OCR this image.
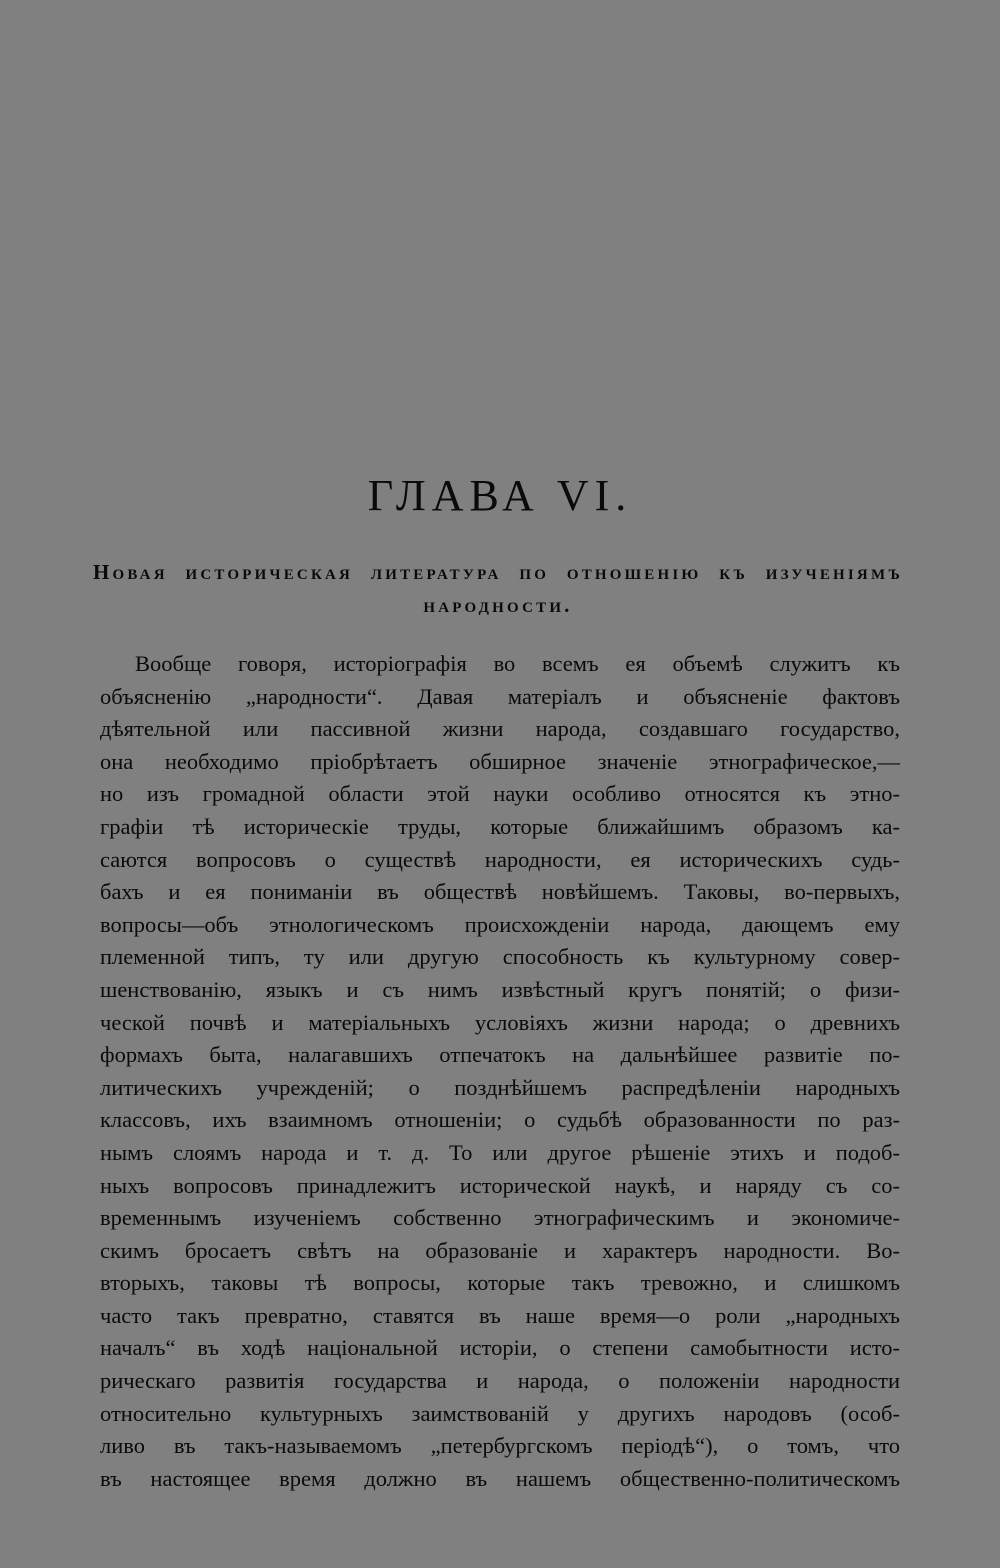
ГЛАВА VI.

Новая историческая литература по отношенію къ изученіямъ народности.

Вообще говоря, исторіографія во всемъ ея объемѣ служитъ къ
объясненію „народности“. Давая матеріалъ и объясненіе фактовъ
дѣятельной или пассивной жизни народа, создавшаго государство,
она необходимо пріобрѣтаетъ обширное значеніе этнографическое,—
но изъ громадной области этой науки особливо относятся къ этно-
графіи тѣ историческіе труды, которые ближайшимъ образомъ ка-
саются вопросовъ о существѣ народности, ея историческихъ судь-
бахъ и ея пониманіи въ обществѣ новѣйшемъ. Таковы, во-первыхъ,
вопросы—объ этнологическомъ происхожденіи народа, дающемъ ему
племенной типъ, ту или другую способность къ культурному совер-
шенствованію, языкъ и съ нимъ извѣстный кругъ понятій; о физи-
ческой почвѣ и матеріальныхъ условіяхъ жизни народа; о древнихъ
формахъ быта, налагавшихъ отпечатокъ на дальнѣйшее развитіе по-
литическихъ учрежденій; о позднѣйшемъ распредѣленіи народныхъ
классовъ, ихъ взаимномъ отношеніи; о судьбѣ образованности по раз-
нымъ слоямъ народа и т. д. То или другое рѣшеніе этихъ и подоб-
ныхъ вопросовъ принадлежитъ исторической наукѣ, и наряду съ со-
временнымъ изученіемъ собственно этнографическимъ и экономиче-
скимъ бросаетъ свѣтъ на образованіе и характеръ народности. Во-
вторыхъ, таковы тѣ вопросы, которые такъ тревожно, и слишкомъ
часто такъ превратно, ставятся въ наше время—о роли „народныхъ
началъ“ въ ходѣ національной исторіи, о степени самобытности исто-
рическаго развитія государства и народа, о положеніи народности
относительно культурныхъ заимствованій у другихъ народовъ (особ-
ливо въ такъ-называемомъ „петербургскомъ періодѣ“), о томъ, что
въ настоящее время должно въ нашемъ общественно-политическомъ
